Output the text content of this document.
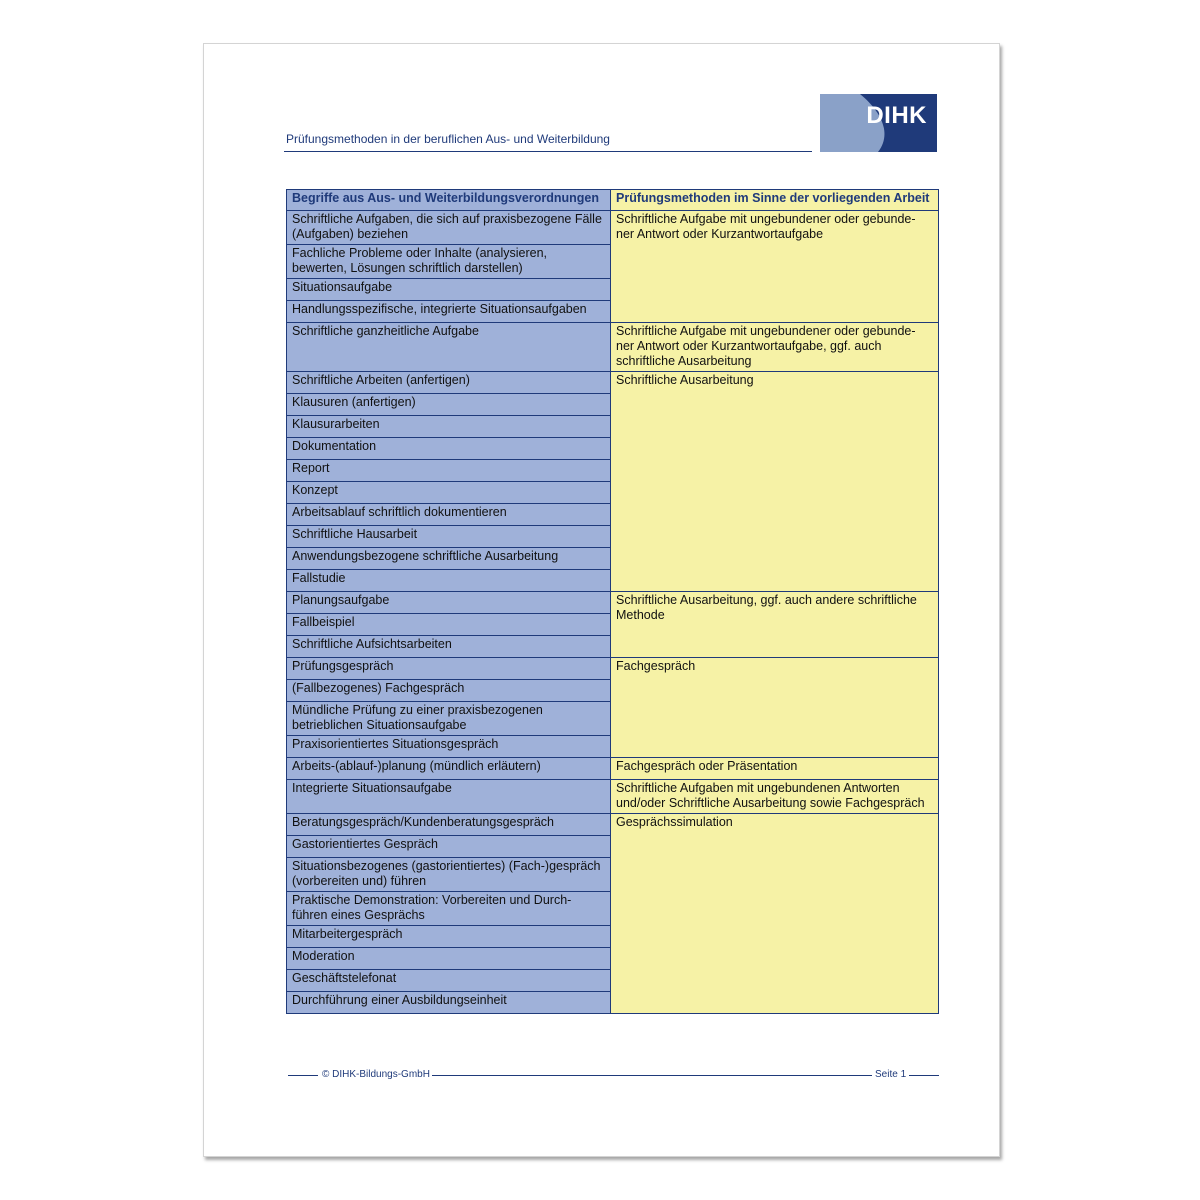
Prüfungsmethoden in der beruflichen Aus- und Weiterbildung
DIHK
Begriffe aus Aus- und Weiterbildungsverordnungen	Prüfungsmethoden im Sinne der vorliegenden Arbeit
Schriftliche Aufgaben, die sich auf praxisbezogene Fälle (Aufgaben) beziehen	Schriftliche Aufgabe mit ungebundener oder gebunde-ner Antwort oder Kurzantwortaufgabe
Fachliche Probleme oder Inhalte (analysieren, bewerten, Lösungen schriftlich darstellen)	
Situationsaufgabe	
Handlungsspezifische, integrierte Situationsaufgaben	
Schriftliche ganzheitliche Aufgabe	Schriftliche Aufgabe mit ungebundener oder gebunde-ner Antwort oder Kurzantwortaufgabe, ggf. auch schriftliche Ausarbeitung
Schriftliche Arbeiten (anfertigen)	Schriftliche Ausarbeitung
Klausuren (anfertigen)	
Klausurarbeiten	
Dokumentation	
Report	
Konzept	
Arbeitsablauf schriftlich dokumentieren	
Schriftliche Hausarbeit	
Anwendungsbezogene schriftliche Ausarbeitung	
Fallstudie	
Planungsaufgabe	Schriftliche Ausarbeitung, ggf. auch andere schriftliche Methode
Fallbeispiel	
Schriftliche Aufsichtsarbeiten	
Prüfungsgespräch	Fachgespräch
(Fallbezogenes) Fachgespräch	
Mündliche Prüfung zu einer praxisbezogenen betrieblichen Situationsaufgabe	
Praxisorientiertes Situationsgespräch	
Arbeits-(ablauf-)planung (mündlich erläutern)	Fachgespräch oder Präsentation
Integrierte Situationsaufgabe	Schriftliche Aufgaben mit ungebundenen Antworten und/oder Schriftliche Ausarbeitung sowie Fachgespräch
Beratungsgespräch/Kundenberatungsgespräch	Gesprächssimulation
Gastorientiertes Gespräch	
Situationsbezogenes (gastorientiertes) (Fach-)gespräch (vorbereiten und) führen	
Praktische Demonstration: Vorbereiten und Durch-führen eines Gesprächs	
Mitarbeitergespräch	
Moderation	
Geschäftstelefonat	
Durchführung einer Ausbildungseinheit	
© DIHK-Bildungs-GmbH	Seite 1
